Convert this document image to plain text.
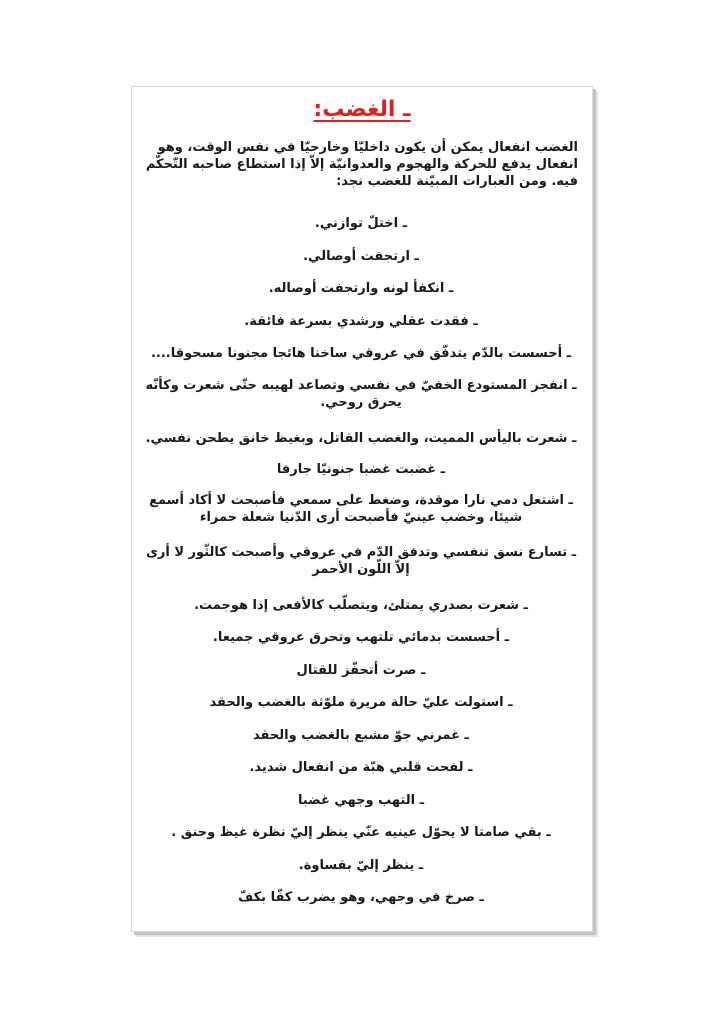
ـ الغضب:
الغضب انفعال يمكن أن يكون داخليّا وخارجيّا في نفس الوقت، وهو انفعال يدفع للحركة والهجوم والعدوانيّة إلاّ إذا استطاع صاحبه التّحكّم فيه. ومن العبارات المبيّنة للغضب نجد:
ـ اختلّ توازني.
ـ ارتجفت أوصالي.
ـ انكفأ لونه وارتجفت أوصاله.
ـ فقدت عقلي ورشدي بسرعة فائقة.
ـ أحسست بالدّم يتدفّق في عروقي ساخنا هائجا مجنونا مسحوقا....
ـ انفجر المستودع الخفيّ في نفسي وتصاعد لهيبه حتّى شعرت وكأنّه يحرق روحي.
ـ شعرت باليأس المميت، والغضب القاتل، وبغيظ خانق يطحن نفسي.
ـ غضبت غضبا جنونيّا جارفا
ـ اشتعل دمي نارا موقدة، وضغط على سمعي فأصبحت لا أكاد أسمع شيئا، وخضب عينيّ فأصبحت أرى الدّنيا شعلة حمراء
ـ تسارع نسق تنفسي وتدفق الدّم في عروقي وأصبحت كالثّور لا أرى إلاّ اللّون الأحمر
ـ شعرت بصدري يمتلئ، ويتصلّب كالأفعى إذا هوجمت.
ـ أحسست بدمائي تلتهب وتحرق عروقي جميعا.
ـ صرت أتحفّز للقتال
ـ استولت عليّ حالة مريرة ملوّثة بالغضب والحقد
ـ غمرني جوّ مشبع بالغضب والحقد
ـ لفحت قلبي هبّة من انفعال شديد.
ـ التهب وجهي غضبا
ـ بقي صامتا لا يحوّل عينيه عنّي ينظر إليّ نظرة غيظ وحنق .
ـ ينظر إليّ بقساوة.
ـ صرخ في وجهي، وهو يضرب كفّا بكفّ
